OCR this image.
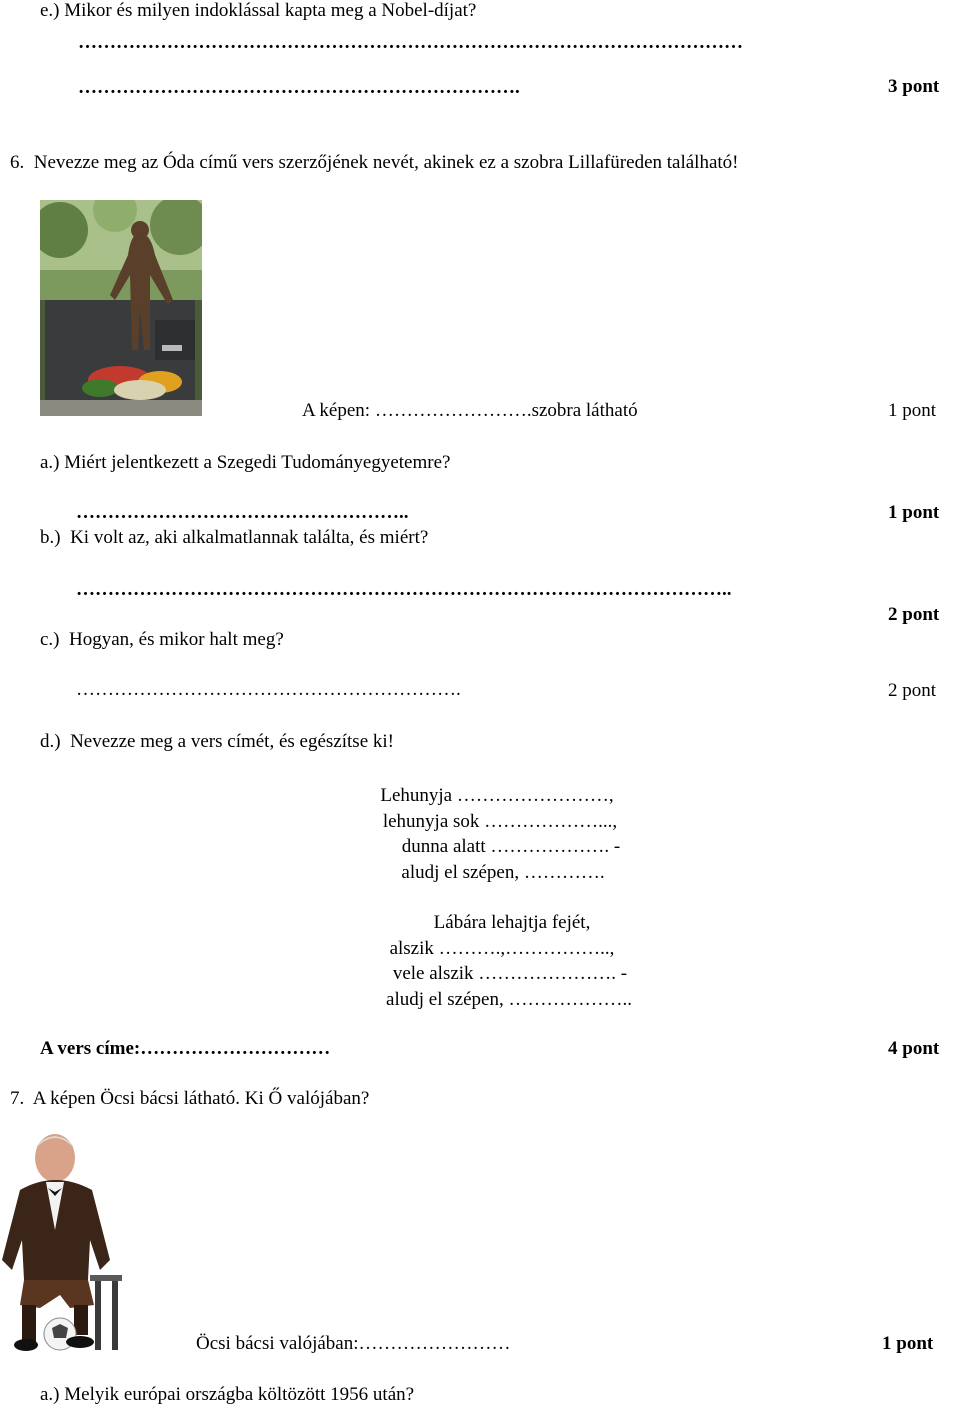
e.) Mikor és milyen indoklással kapta meg a Nobel-díjat?
……………………………………………………………………………………………
…………………………………………………………….	3 pont
6.  Nevezze meg az Óda című vers szerzőjének nevét, akinek ez a szobra Lillafüreden található!
A képen: …………………….szobra látható	1 pont
a.) Miért jelentkezett a Szegedi Tudományegyetemre?
……………………………………………..	1 pont
b.)  Ki volt az, aki alkalmatlannak találta, és miért?
…………………………………………………………………………………………..
2 pont
c.)  Hogyan, és mikor halt meg?
…………………………………………………….	2 pont
d.)  Nevezze meg a vers címét, és egészítse ki!
Lehunyja ……………………,
lehunyja sok ………………...,
dunna alatt ………………. -
aludj el szépen, ………….
Lábára lehajtja fejét,
alszik ……….,……………..,
vele alszik …………………. -
aludj el szépen, ………………..
A vers címe:…………………………	4 pont
7.  A képen Öcsi bácsi látható. Ki Ő valójában?
Öcsi bácsi valójában:……………………	1 pont
a.) Melyik európai országba költözött 1956 után?
